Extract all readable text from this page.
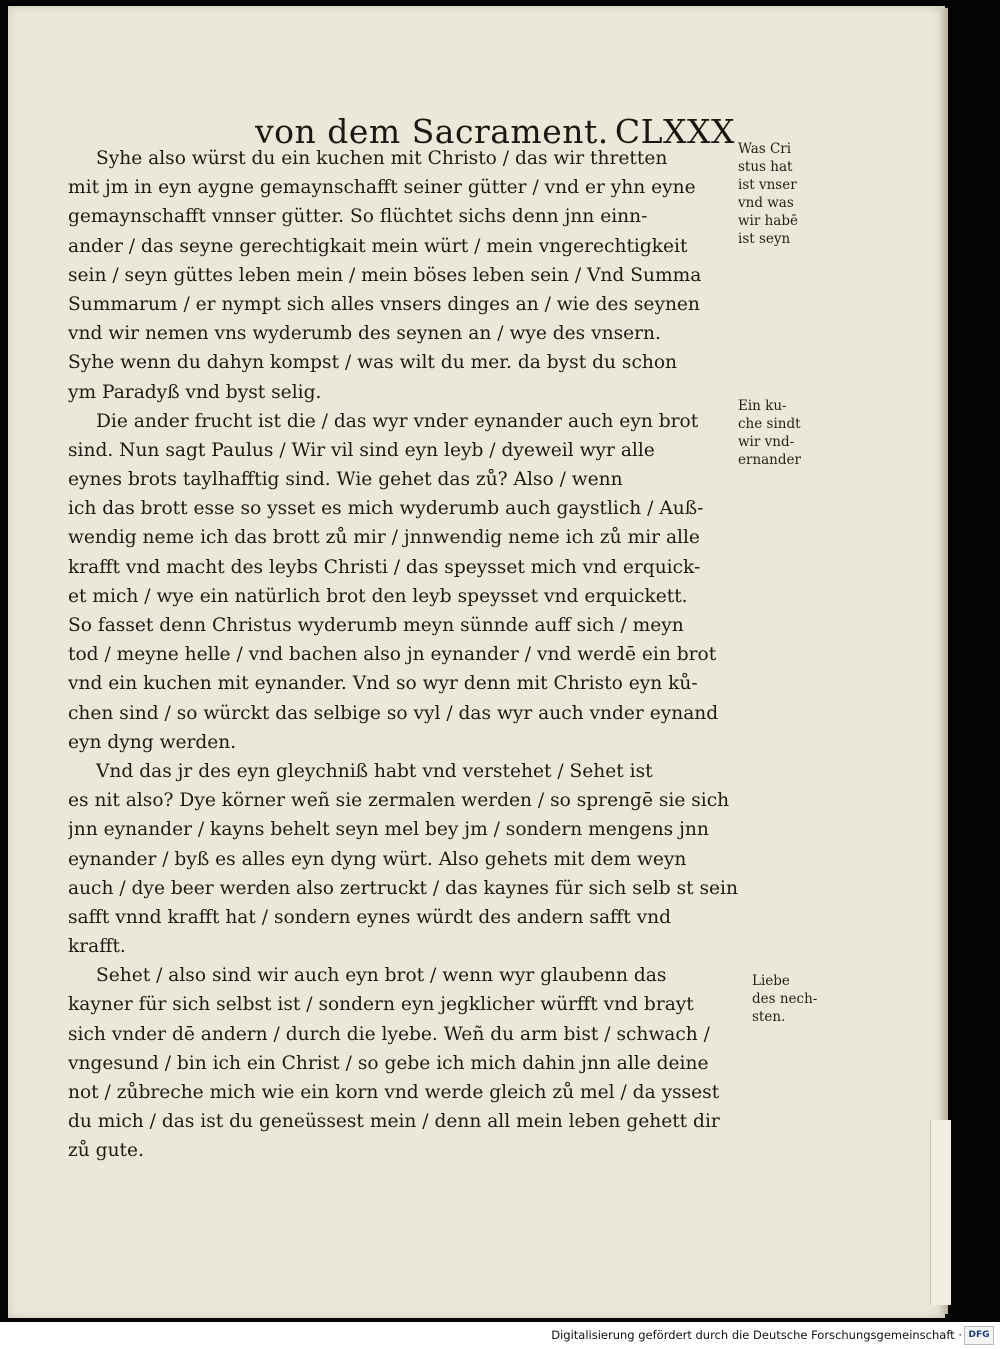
von dem Sacrament. CLXXX
Syhe also würst du ein kuchen mit Christo / das wir thretten
mit jm in eyn aygne gemaynschafft seiner gütter / vnd er yhn eyne
gemaynschafft vnnser gütter. So flüchtet sichs denn jnn einn-
ander / das seyne gerechtigkait mein würt / mein vngerechtigkeit
sein / seyn güttes leben mein / mein böses leben sein / Vnd Summa
Summarum / er nympt sich alles vnsers dinges an / wie des seynen
vnd wir nemen vns wyderumb des seynen an / wye des vnsern.
Syhe wenn du dahyn kompst / was wilt du mer. da byst du schon
ym Paradyß vnd byst selig.
Die ander frucht ist die / das wyr vnder eynander auch eyn brot
sind. Nun sagt Paulus / Wir vil sind eyn leyb / dyeweil wyr alle
eynes brots taylhafftig sind. Wie gehet das zů? Also / wenn
ich das brott esse so ysset es mich wyderumb auch gaystlich / Auß-
wendig neme ich das brott zů mir / jnnwendig neme ich zů mir alle
krafft vnd macht des leybs Christi / das speysset mich vnd erquick-
et mich / wye ein natürlich brot den leyb speysset vnd erquickett.
So fasset denn Christus wyderumb meyn sünnde auff sich / meyn
tod / meyne helle / vnd bachen also jn eynander / vnd werdē ein brot
vnd ein kuchen mit eynander. Vnd so wyr denn mit Christo eyn ků-
chen sind / so würckt das selbige so vyl / das wyr auch vnder eynand
eyn dyng werden.
Vnd das jr des eyn gleychniß habt vnd verstehet / Sehet ist
es nit also? Dye körner weñ sie zermalen werden / so sprengē sie sich
jnn eynander / kayns behelt seyn mel bey jm / sondern mengens jnn
eynander / byß es alles eyn dyng würt. Also gehets mit dem weyn
auch / dye beer werden also zertruckt / das kaynes für sich selb st sein
safft vnnd krafft hat / sondern eynes würdt des andern safft vnd
krafft.
Sehet / also sind wir auch eyn brot / wenn wyr glaubenn das
kayner für sich selbst ist / sondern eyn jegklicher würfft vnd brayt
sich vnder dē andern / durch die lyebe. Weñ du arm bist / schwach /
vngesund / bin ich ein Christ / so gebe ich mich dahin jnn alle deine
not / zůbreche mich wie ein korn vnd werde gleich zů mel / da yssest
du mich / das ist du geneüssest mein / denn all mein leben gehett dir
zů gute.
Was Cri
stus hat
ist vnser
vnd was
wir habē
ist seyn
Ein ku-
che sindt
wir vnd-
ernander
Liebe
des nech-
sten.
Digitalisierung gefördert durch die Deutsche Forschungsgemeinschaft · DFG
